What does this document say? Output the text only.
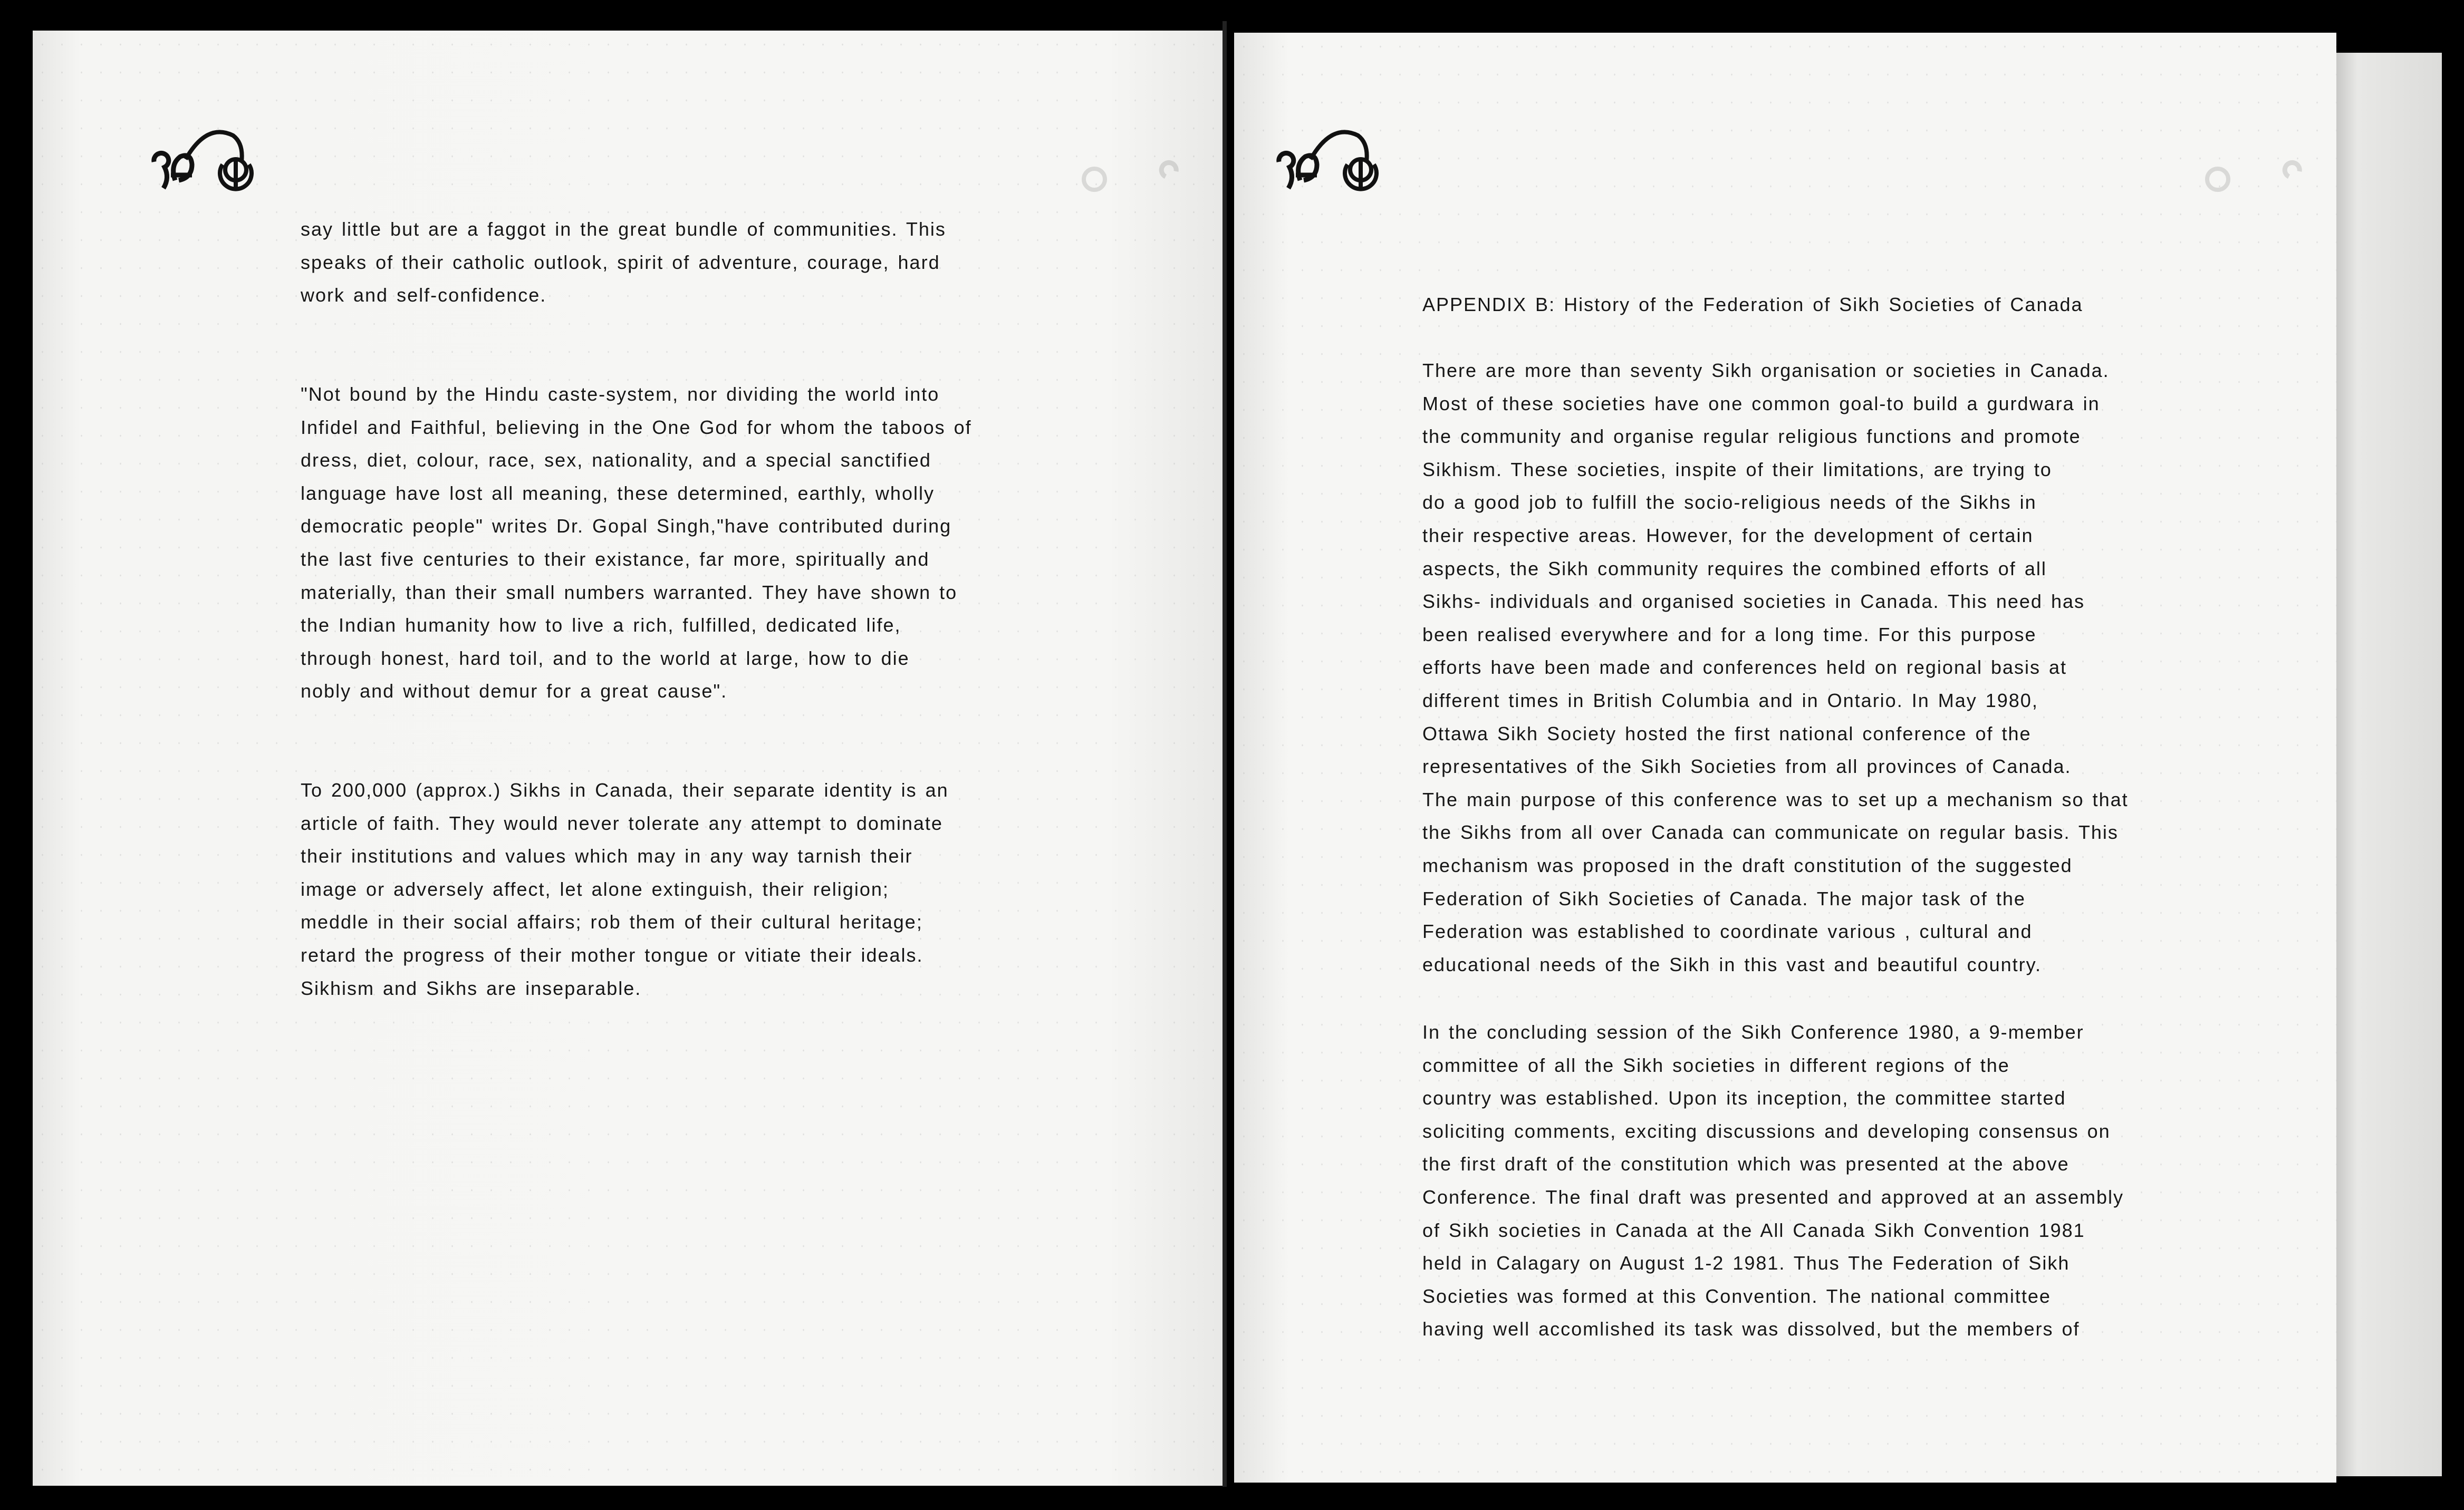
APPENDIX B: History of the Federation of Sikh Societies of Canada
say little but are a faggot in the great bundle of communities. This
speaks of their catholic outlook, spirit of adventure, courage, hard
work and self-confidence.
"Not bound by the Hindu caste-system, nor dividing the world into
Infidel and Faithful, believing in the One God for whom the taboos of
dress, diet, colour, race, sex, nationality, and a special sanctified
language have lost all meaning, these determined, earthly, wholly
democratic people" writes Dr. Gopal Singh,"have contributed during
the last five centuries to their existance, far more, spiritually and
materially, than their small numbers warranted. They have shown to
the Indian humanity how to live a rich, fulfilled, dedicated life,
through honest, hard toil, and to the world at large, how to die
nobly and without demur for a great cause".
To 200,000 (approx.) Sikhs in Canada, their separate identity is an
article of faith. They would never tolerate any attempt to dominate
their institutions and values which may in any way tarnish their
image or adversely affect, let alone extinguish, their religion;
meddle in their social affairs; rob them of their cultural heritage;
retard the progress of their mother tongue or vitiate their ideals.
Sikhism and Sikhs are inseparable.
There are more than seventy Sikh organisation or societies in Canada.
Most of these societies have one common goal-to build a gurdwara in
the community and organise regular religious functions and promote
Sikhism. These societies, inspite of their limitations, are trying to
do a good job to fulfill the socio-religious needs of the Sikhs in
their respective areas. However, for the development of certain
aspects, the Sikh community requires the combined efforts of all
Sikhs- individuals and organised societies in Canada. This need has
been realised everywhere and for a long time. For this purpose
efforts have been made and conferences held on regional basis at
different times in British Columbia and in Ontario. In May 1980,
Ottawa Sikh Society hosted the first national conference of the
representatives of the Sikh Societies from all provinces of Canada.
The main purpose of this conference was to set up a mechanism so that
the Sikhs from all over Canada can communicate on regular basis. This
mechanism was proposed in the draft constitution of the suggested
Federation of Sikh Societies of Canada. The major task of the
Federation was established to coordinate various , cultural and
educational needs of the Sikh in this vast and beautiful country.
In the concluding session of the Sikh Conference 1980, a 9-member
committee of all the Sikh societies in different regions of the
country was established. Upon its inception, the committee started
soliciting comments, exciting discussions and developing consensus on
the first draft of the constitution which was presented at the above
Conference. The final draft was presented and approved at an assembly
of Sikh societies in Canada at the All Canada Sikh Convention 1981
held in Calagary on August 1-2 1981. Thus The Federation of Sikh
Societies was formed at this Convention. The national committee
having well accomlished its task was dissolved, but the members of
